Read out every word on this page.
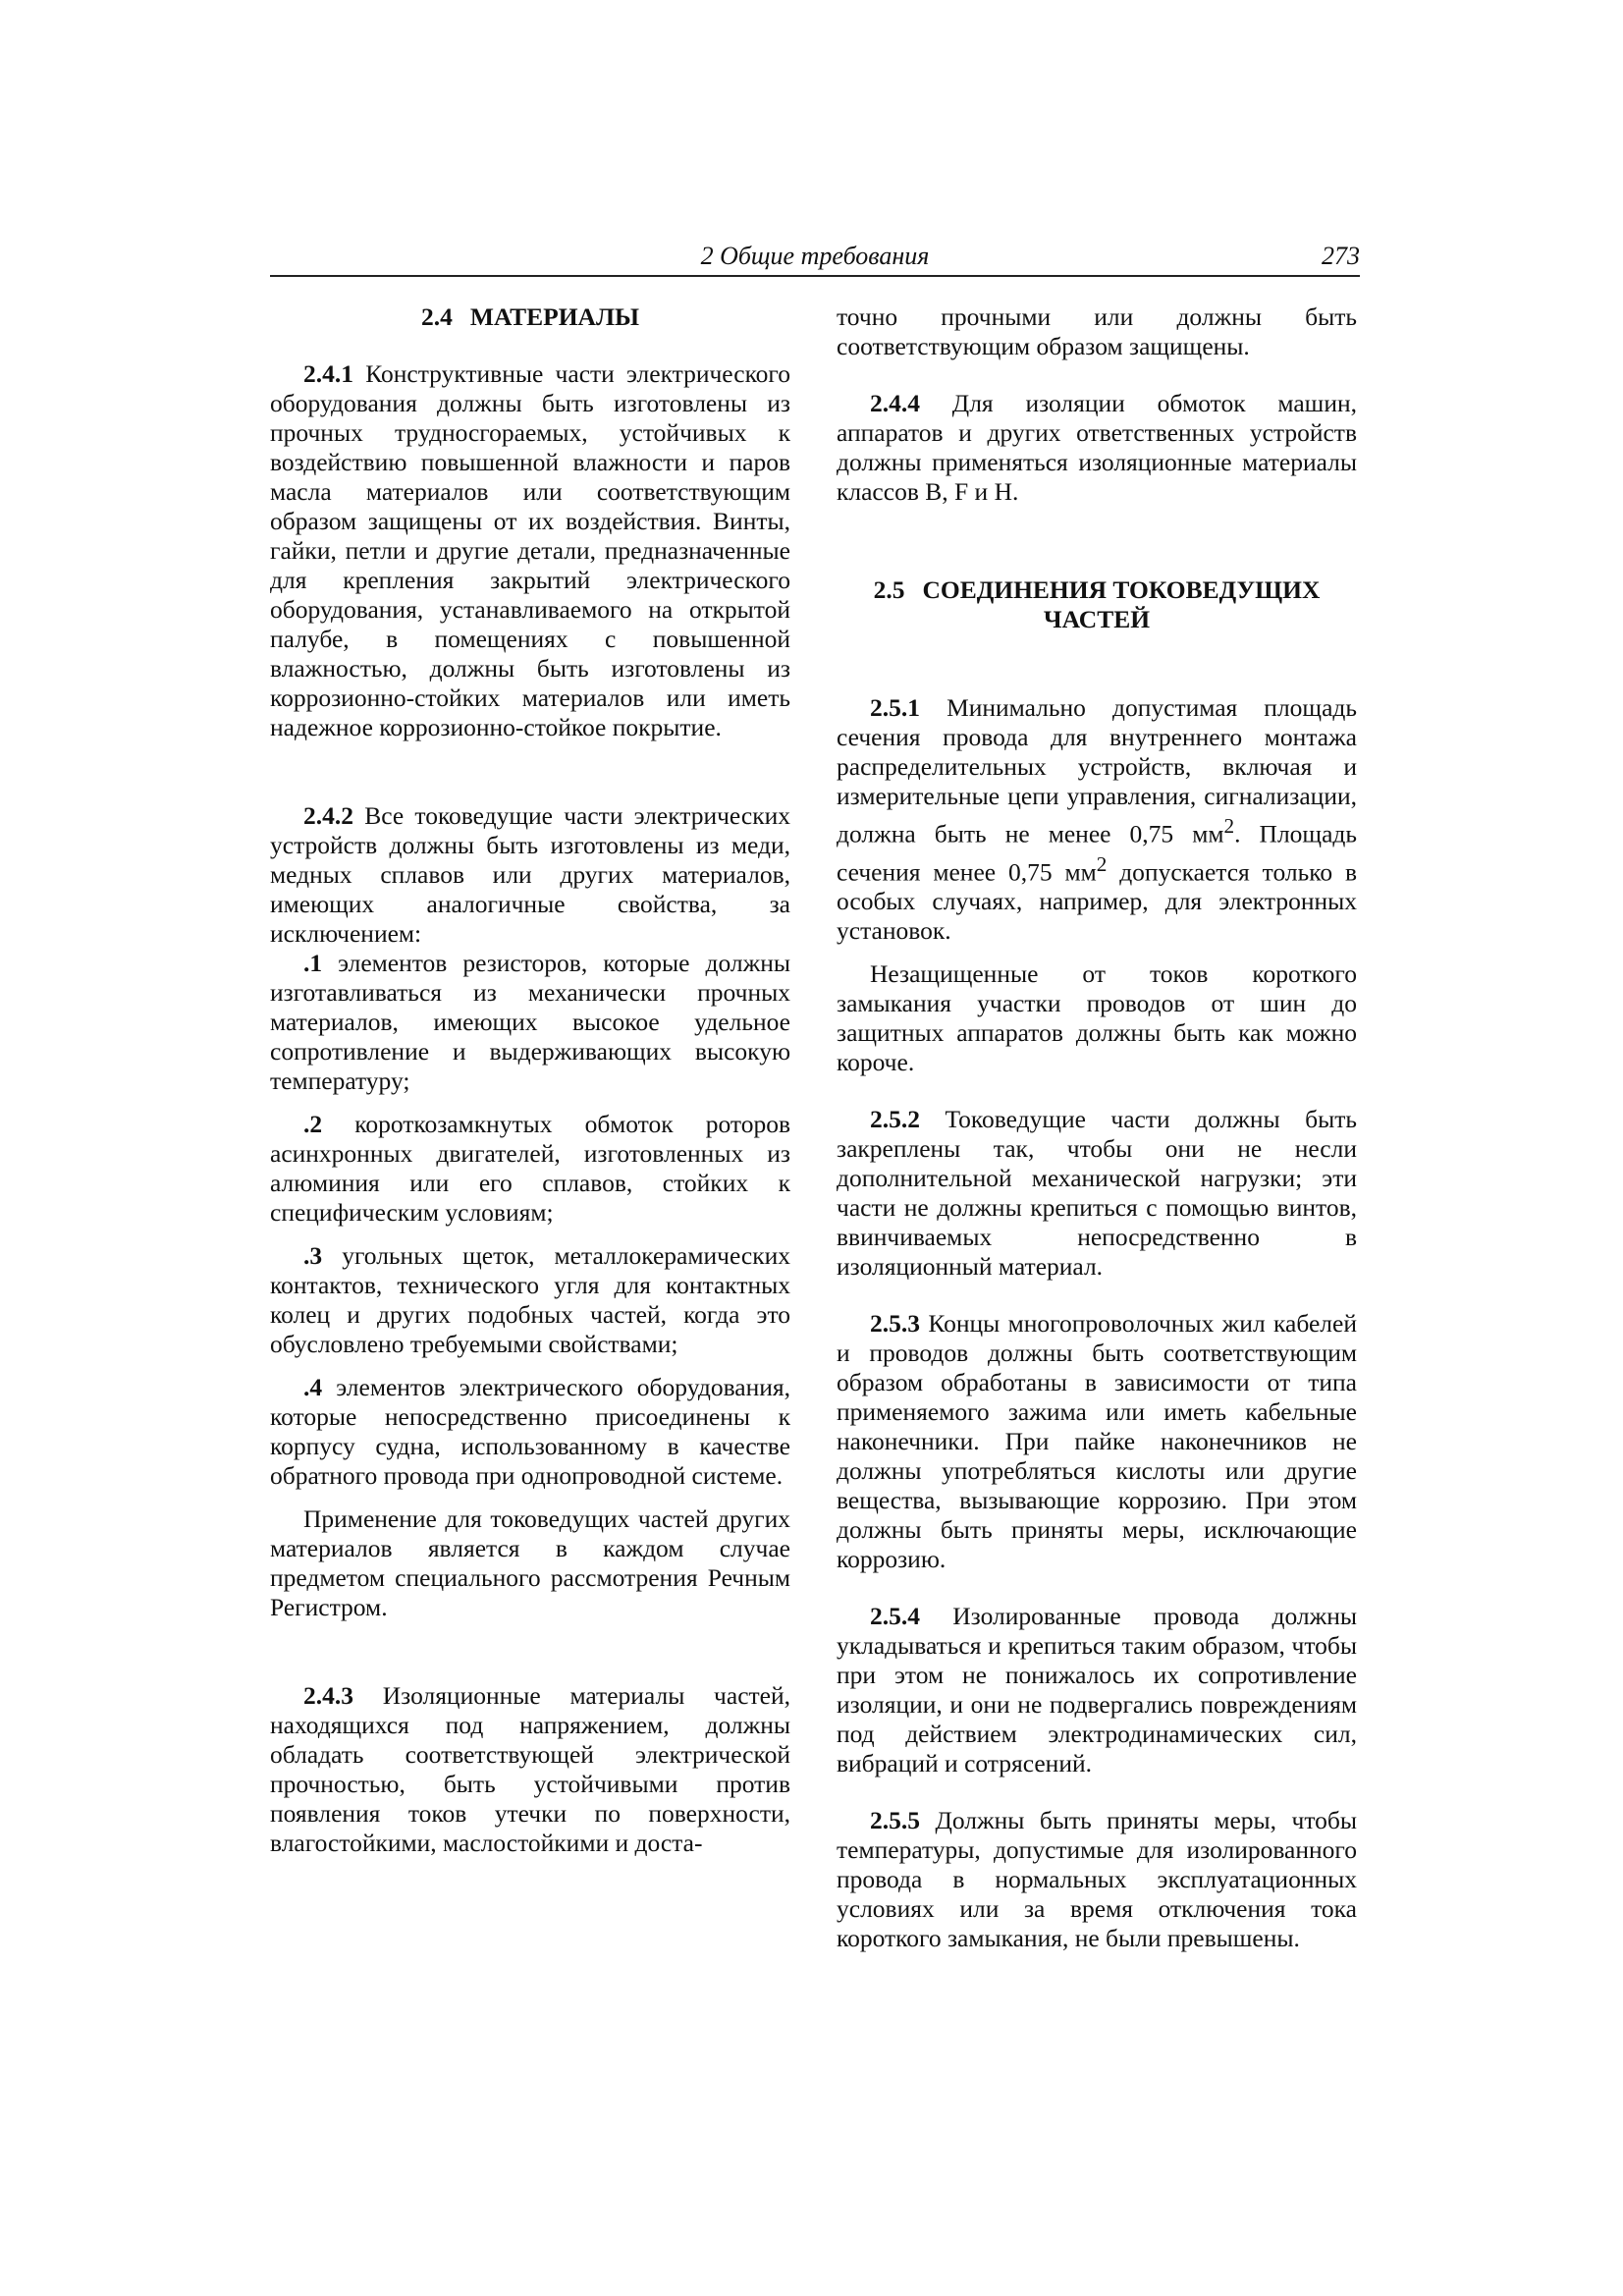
2 Общие требования	273
2.4 МАТЕРИАЛЫ

2.4.1 Конструктивные части электрического оборудования должны быть изготовлены из прочных трудносгораемых, устойчивых к воздействию повышенной влажности и паров масла материалов или соответствующим образом защищены от их воздействия. Винты, гайки, петли и другие детали, предназначенные для крепления закрытий электрического оборудования, устанавливаемого на открытой палубе, в помещениях с повышенной влажностью, должны быть изготовлены из коррозионно-стойких материалов или иметь надежное коррозионно-стойкое покрытие.

2.4.2 Все токоведущие части электрических устройств должны быть изготовлены из меди, медных сплавов или других материалов, имеющих аналогичные свойства, за исключением:

.1 элементов резисторов, которые должны изготавливаться из механически прочных материалов, имеющих высокое удельное сопротивление и выдерживающих высокую температуру;

.2 короткозамкнутых обмоток роторов асинхронных двигателей, изготовленных из алюминия или его сплавов, стойких к специфическим условиям;

.3 угольных щеток, металлокерамических контактов, технического угля для контактных колец и других подобных частей, когда это обусловлено требуемыми свойствами;

.4 элементов электрического оборудования, которые непосредственно присоединены к корпусу судна, использованному в качестве обратного провода при однопроводной системе.

Применение для токоведущих частей других материалов является в каждом случае предметом специального рассмотрения Речным Регистром.

2.4.3 Изоляционные материалы частей, находящихся под напряжением, должны обладать соответствующей электрической прочностью, быть устойчивыми против появления токов утечки по поверхности, влагостойкими, маслостойкими и доста-

точно прочными или должны быть соответствующим образом защищены.

2.4.4 Для изоляции обмоток машин, аппаратов и других ответственных устройств должны применяться изоляционные материалы классов B, F и H.

2.5 СОЕДИНЕНИЯ ТОКОВЕДУЩИХ
ЧАСТЕЙ

2.5.1 Минимально допустимая площадь сечения провода для внутреннего монтажа распределительных устройств, включая и измерительные цепи управления, сигнализации, должна быть не менее 0,75 $мм^2$. Площадь сечения менее 0,75 $мм^2$ допускается только в особых случаях, например, для электронных установок.

Незащищенные от токов короткого замыкания участки проводов от шин до защитных аппаратов должны быть как можно короче.

2.5.2 Токоведущие части должны быть закреплены так, чтобы они не несли дополнительной механической нагрузки; эти части не должны крепиться с помощью винтов, ввинчиваемых непосредственно в изоляционный материал.

2.5.3 Концы многопроволочных жил кабелей и проводов должны быть соответствующим образом обработаны в зависимости от типа применяемого зажима или иметь кабельные наконечники. При пайке наконечников не должны употребляться кислоты или другие вещества, вызывающие коррозию. При этом должны быть приняты меры, исключающие коррозию.

2.5.4 Изолированные провода должны укладываться и крепиться таким образом, чтобы при этом не понижалось их сопротивление изоляции, и они не подвергались повреждениям под действием электродинамических сил, вибраций и сотрясений.

2.5.5 Должны быть приняты меры, чтобы температуры, допустимые для изолированного провода в нормальных эксплуатационных условиях или за время отключения тока короткого замыкания, не были превышены.
